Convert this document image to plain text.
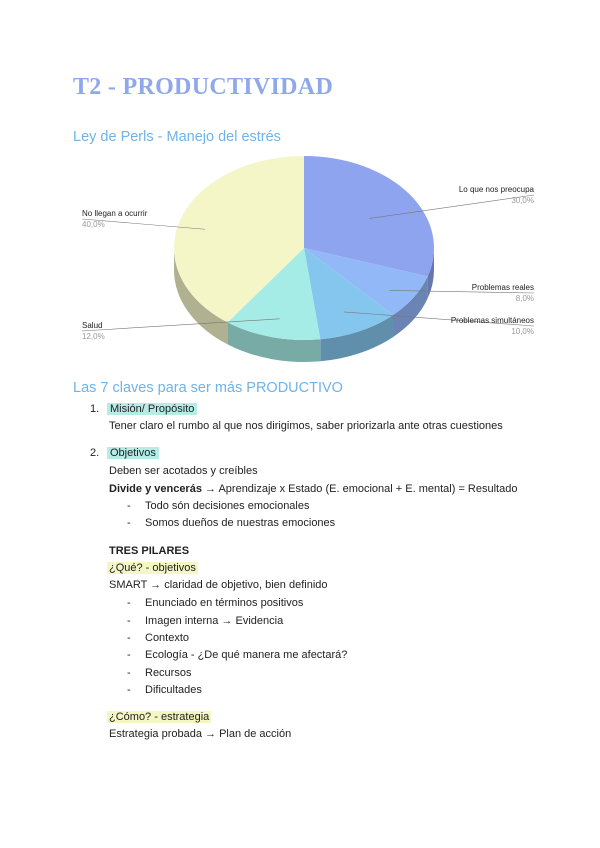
T2 - PRODUCTIVIDAD
Ley de Perls - Manejo del estrés
Lo que nos preocupa
30,0%
Problemas reales
8,0%
Problemas simultáneos
10,0%
Salud
12,0%
No llegan a ocurrir
40,0%
Las 7 claves para ser más PRODUCTIVO
1. Misión/ Propósito

Tener claro el rumbo al que nos dirigimos, saber priorizarla ante otras cuestiones

2. Objetivos

Deben ser acotados y creíbles

Divide y vencerás → Aprendizaje x Estado (E. emocional + E. mental) = Resultado

- Todo són decisiones emocionales

- Somos dueños de nuestras emociones

TRES PILARES

¿Qué? - objetivos

SMART → claridad de objetivo, bien definido

- Enunciado en términos positivos

- Imagen interna → Evidencia

- Contexto

- Ecología - ¿De qué manera me afectará?

- Recursos

- Dificultades

¿Cómo? - estrategia

Estrategia probada → Plan de acción
